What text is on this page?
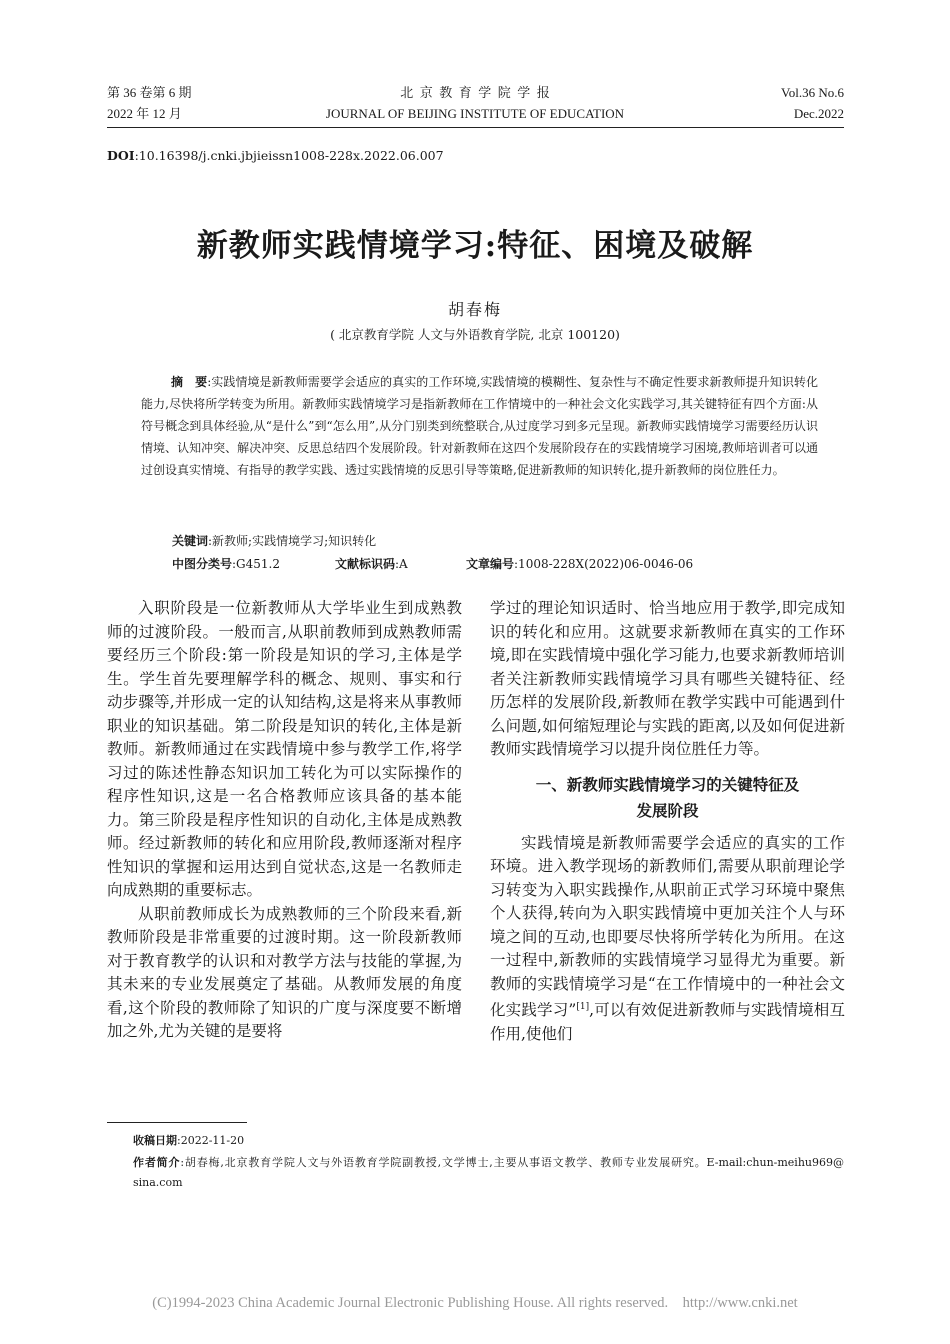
第 36 卷第 6 期
2022 年 12 月
北  京  教  育  学  院  学  报
JOURNAL OF BEIJING INSTITUTE OF EDUCATION
Vol.36 No.6
Dec.2022
DOI:10.16398/j.cnki.jbjieissn1008-228x.2022.06.007
新教师实践情境学习:特征、困境及破解
胡春梅
( 北京教育学院 人文与外语教育学院, 北京 100120)
摘　要:实践情境是新教师需要学会适应的真实的工作环境,实践情境的模糊性、复杂性与不确定性要求新教师提升知识转化能力,尽快将所学转变为所用。新教师实践情境学习是指新教师在工作情境中的一种社会文化实践学习,其关键特征有四个方面:从符号概念到具体经验,从“是什么”到“怎么用”,从分门别类到统整联合,从过度学习到多元呈现。新教师实践情境学习需要经历认识情境、认知冲突、解决冲突、反思总结四个发展阶段。针对新教师在这四个发展阶段存在的实践情境学习困境,教师培训者可以通过创设真实情境、有指导的教学实践、透过实践情境的反思引导等策略,促进新教师的知识转化,提升新教师的岗位胜任力。
关键词:新教师;实践情境学习;知识转化
中图分类号:G451.2	文献标识码:A	文章编号:1008-228X(2022)06-0046-06

入职阶段是一位新教师从大学毕业生到成熟教师的过渡阶段。一般而言,从职前教师到成熟教师需要经历三个阶段:第一阶段是知识的学习,主体是学生。学生首先要理解学科的概念、规则、事实和行动步骤等,并形成一定的认知结构,这是将来从事教师职业的知识基础。第二阶段是知识的转化,主体是新教师。新教师通过在实践情境中参与教学工作,将学习过的陈述性静态知识加工转化为可以实际操作的程序性知识,这是一名合格教师应该具备的基本能力。第三阶段是程序性知识的自动化,主体是成熟教师。经过新教师的转化和应用阶段,教师逐渐对程序性知识的掌握和运用达到自觉状态,这是一名教师走向成熟期的重要标志。

从职前教师成长为成熟教师的三个阶段来看,新教师阶段是非常重要的过渡时期。这一阶段新教师对于教育教学的认识和对教学方法与技能的掌握,为其未来的专业发展奠定了基础。从教师发展的角度看,这个阶段的教师除了知识的广度与深度要不断增加之外,尤为关键的是要将

学过的理论知识适时、恰当地应用于教学,即完成知识的转化和应用。这就要求新教师在真实的工作环境,即在实践情境中强化学习能力,也要求新教师培训者关注新教师实践情境学习具有哪些关键特征、经历怎样的发展阶段,新教师在教学实践中可能遇到什么问题,如何缩短理论与实践的距离,以及如何促进新教师实践情境学习以提升岗位胜任力等。

一、新教师实践情境学习的关键特征及
发展阶段

实践情境是新教师需要学会适应的真实的工作环境。进入教学现场的新教师们,需要从职前理论学习转变为入职实践操作,从职前正式学习环境中聚焦个人获得,转向为入职实践情境中更加关注个人与环境之间的互动,也即要尽快将所学转化为所用。在这一过程中,新教师的实践情境学习显得尤为重要。新教师的实践情境学习是“在工作情境中的一种社会文化实践学习”[1],可以有效促进新教师与实践情境相互作用,使他们

收稿日期:2022-11-20
作者简介:胡春梅,北京教育学院人文与外语教育学院副教授,文学博士,主要从事语文教学、教师专业发展研究。E-mail:chun-meihu969@ sina.com
(C)1994-2023 China Academic Journal Electronic Publishing House. All rights reserved.    http://www.cnki.net
